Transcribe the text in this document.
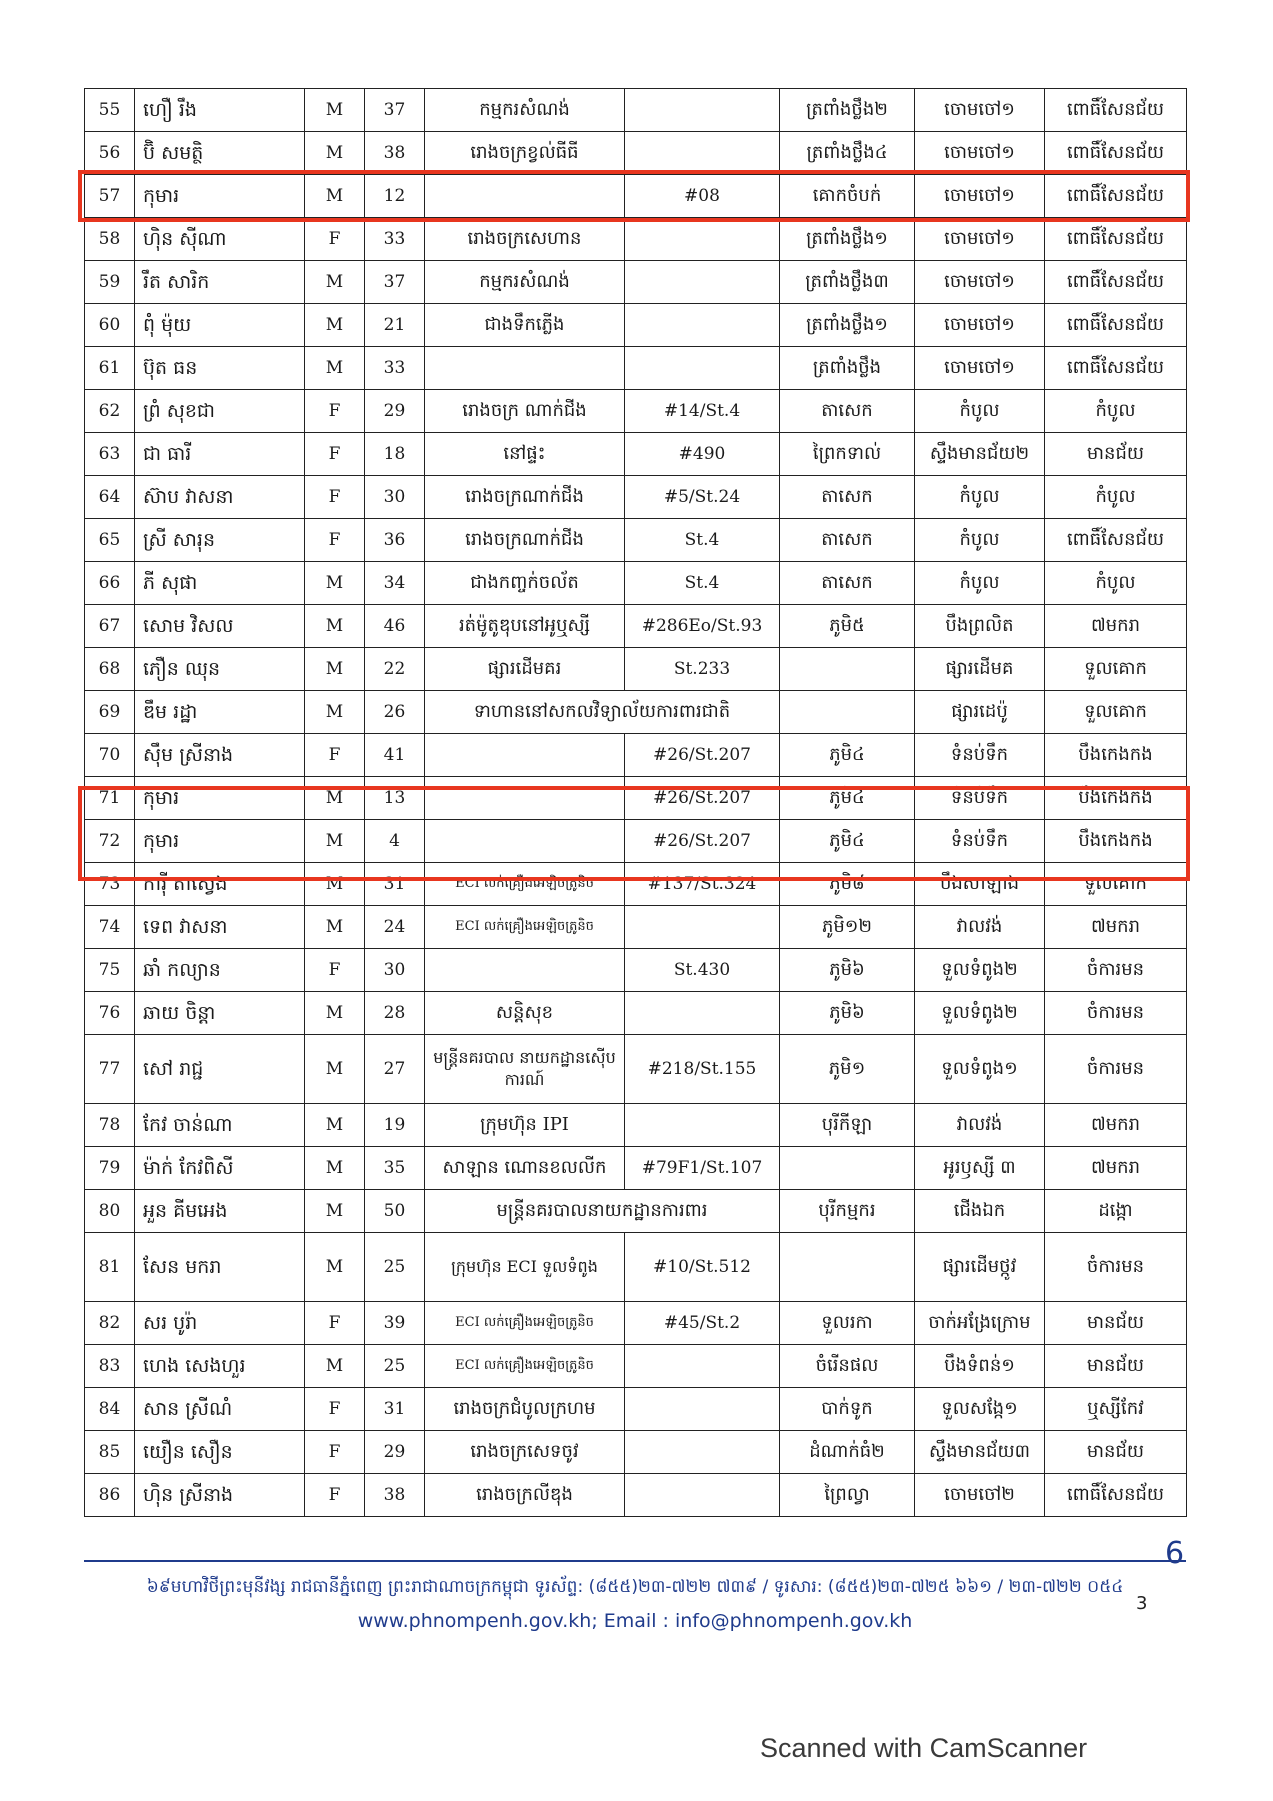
55	ហឿ រឹង	M	37	កម្មករសំណង់		ត្រពាំងថ្លឹង២	ចោមចៅ១	ពោធិ៍សែនជ័យ
56	ប៊ិ សមត្ថិ	M	38	រោងចក្រខ្វល់ធីធី		ត្រពាំងថ្លឹង៤	ចោមចៅ១	ពោធិ៍សែនជ័យ
57	កុមារ	M	12		#08	គោកចំបក់	ចោមចៅ១	ពោធិ៍សែនជ័យ
58	ហ៊ិន ស៊ីណា	F	33	រោងចក្រសេហាន		ត្រពាំងថ្លឹង១	ចោមចៅ១	ពោធិ៍សែនជ័យ
59	រឹត សារិក	M	37	កម្មករសំណង់		ត្រពាំងថ្លឹង៣	ចោមចៅ១	ពោធិ៍សែនជ័យ
60	ពុំ ម៉ុយ	M	21	ជាងទឹកភ្លើង		ត្រពាំងថ្លឹង១	ចោមចៅ១	ពោធិ៍សែនជ័យ
61	ប៊ុត ធន	M	33			ត្រពាំងថ្លឹង	ចោមចៅ១	ពោធិ៍សែនជ័យ
62	ព្រំ សុខជា	F	29	រោងចក្រ ណាក់ជីង	#14/St.4	តាសេក	កំបូល	កំបូល
63	ជា ធារី	F	18	នៅផ្ទះ	#490	ព្រៃកទាល់	ស្ទឹងមានជ័យ២	មានជ័យ
64	ស៊ាប វាសនា	F	30	រោងចក្រណាក់ជីង	#5/St.24	តាសេក	កំបូល	កំបូល
65	ស្រី សារុន	F	36	រោងចក្រណាក់ជីង	St.4	តាសេក	កំបូល	ពោធិ៍សែនជ័យ
66	ភី សុផា	M	34	ជាងកញ្ចក់ចល័ត	St.4	តាសេក	កំបូល	កំបូល
67	សោម វិសល	M	46	រត់ម៉ូតូឌុបនៅអូឬស្សី	#286Eo/St.93	ភូមិ៥	បឹងព្រលិត	៧មករា
68	ភឿន ឈុន	M	22	ផ្សារដើមគរ	St.233		ផ្សារដើមគ	ទួលគោក
69	ឌឹម រដ្ឋា	M	26	ទាហាននៅសកលវិទ្យាល័យការពារជាតិ			ផ្សារដេប៉ូ	ទួលគោក
70	ស៊ឹម ស្រីនាង	F	41		#26/St.207	ភូមិ៤	ទំនប់ទឹក	បឹងកេងកង
71	កុមារ	M	13		#26/St.207	ភូមិ៤	ទំនប់ទឹក	បឹងកេងកង
72	កុមារ	M	4		#26/St.207	ភូមិ៤	ទំនប់ទឹក	បឹងកេងកង
73	ការ៉ី តាស្វេង	M	31	ECI លក់គ្រឿងអេឡិចត្រូនិច	#137/St.324	ភូមិ៨	បឹងសាឡាង	ទួលគោក
74	ទេព វាសនា	M	24	ECI លក់គ្រឿងអេឡិចត្រូនិច		ភូមិ១២	វាលវង់	៧មករា
75	ឆាំ កល្យាន	F	30		St.430	ភូមិ៦	ទួលទំពូង២	ចំការមន
76	ឆាយ ចិន្តា	M	28	សន្តិសុខ		ភូមិ៦	ទួលទំពូង២	ចំការមន
77	សៅ រាជ្ជ	M	27	មន្ត្រីនគរបាល នាយកដ្ឋានស៊ើបការណ៍	#218/St.155	ភូមិ១	ទួលទំពូង១	ចំការមន
78	កែវ ចាន់ណា	M	19	ក្រុមហ៊ុន IPI		បុរីកីឡា	វាលវង់	៧មករា
79	ម៉ាក់ កែវពិសី	M	35	សាឡាន ណោនខលលីក	#79F1/St.107		អូរឫស្សី ៣	៧មករា
80	អួន គីមអេង	M	50	មន្ត្រីនគរបាលនាយកដ្ឋានការពារ		បុរីកម្មករ	ជើងឯក	ដង្កោ
81	សែន មករា	M	25	ក្រុមហ៊ុន ECI ទួលទំពូង	#10/St.512		ផ្សារដើមថ្កូវ	ចំការមន
82	សរ បូរ៉ា	F	39	ECI លក់គ្រឿងអេឡិចត្រូនិច	#45/St.2	ទួលរកា	ចាក់អង្រែក្រោម	មានជ័យ
83	ហេង សេងហួរ	M	25	ECI លក់គ្រឿងអេឡិចត្រូនិច		ចំរើនផល	បឹងទំពន់១	មានជ័យ
84	សាន ស្រីណំ	F	31	រោងចក្រជំបូលក្រហម		បាក់ទូក	ទួលសង្កែ១	ឬស្សីកែវ
85	យឿន សឿន	F	29	រោងចក្រសេទចូវ		ដំណាក់ធំ២	ស្ទឹងមានជ័យ៣	មានជ័យ
86	ហ៊ិន ស្រីនាង	F	38	រោងចក្រលីឌុង		ព្រៃល្វា	ចោមចៅ២	ពោធិ៍សែនជ័យ
6
៦៩មហាវិថីព្រះមុនីវង្ស រាជធានីភ្នំពេញ ព្រះរាជាណាចក្រកម្ពុជា ទូរស័ព្ទ: (៨៥៥)២៣-៧២២ ៧៣៩ / ទូរសារ: (៨៥៥)២៣-៧២៥ ៦៦១ / ២៣-៧២២ ០៥៤
3
www.phnompenh.gov.kh; Email : info@phnompenh.gov.kh
Scanned with CamScanner
